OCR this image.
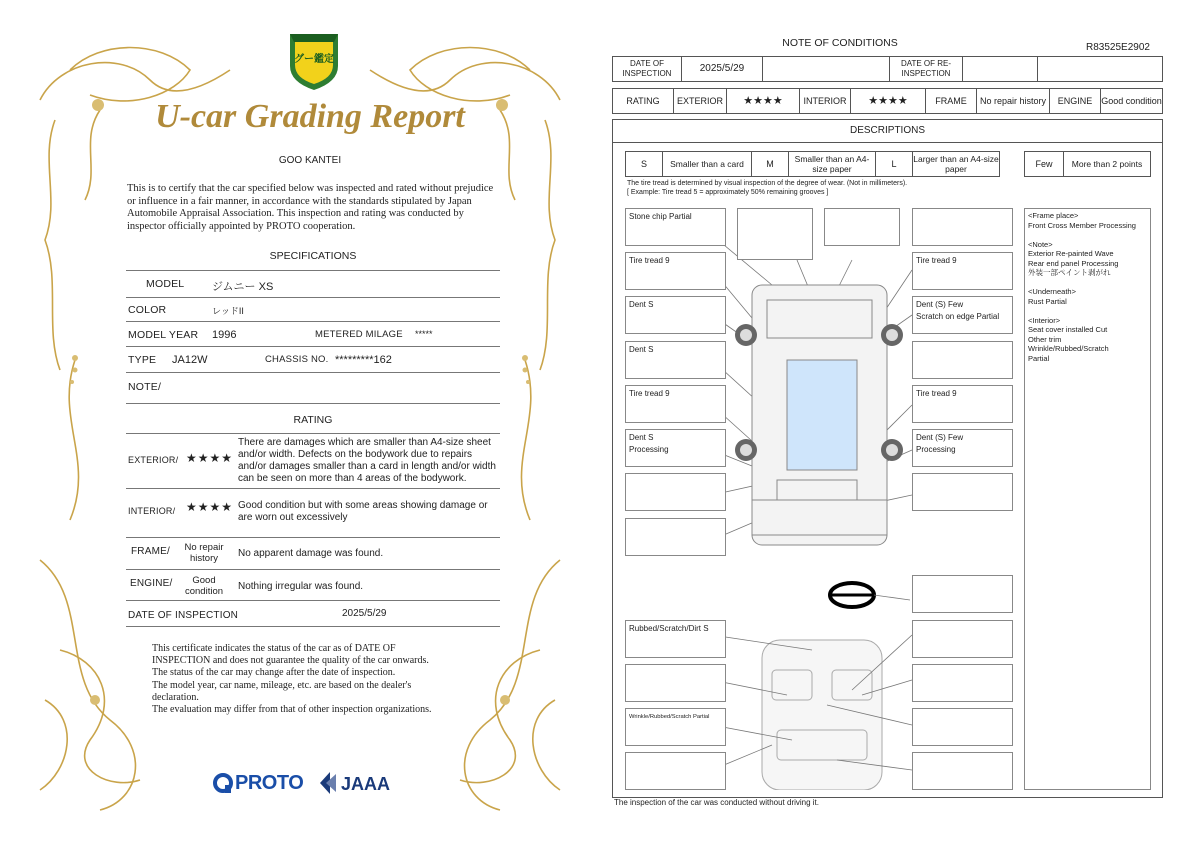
グー鑑定
U-car Grading Report
GOO KANTEI
This is to certify that the car specified below was inspected and rated without prejudice or influence in a fair manner, in accordance with the standards stipulated by Japan Automobile Appraisal Association. This inspection and rating was conducted by inspector officially appointed by PROTO cooperation.
SPECIFICATIONS
MODEL	ジムニー XS
COLOR	レッドII
MODEL YEAR 1996	METERED MILAGE *****
TYPE JA12W	CHASSIS NO. *********162
NOTE/
RATING
EXTERIOR/ ★★★★
There are damages which are smaller than A4-size sheet and/or width. Defects on the bodywork due to repairs and/or damages smaller than a card in length and/or width can be seen on more than 4 areas of the bodywork.
INTERIOR/ ★★★★ Good condition but with some areas showing damage or are worn out excessively
FRAME/	No repair history	No apparent damage was found.
ENGINE/	Good condition	Nothing irregular was found.
DATE OF INSPECTION	2025/5/29
This certificate indicates the status of the car as of DATE OF
INSPECTION and does not guarantee the quality of the car onwards.
The status of the car may change after the date of inspection.
The model year, car name, mileage, etc. are based on the dealer's
declaration.
The evaluation may differ from that of other inspection organizations.
PROTO JAAA
NOTE OF CONDITIONS	R83525E2902
DATE OF INSPECTION	2025/5/29	DATE OF RE-INSPECTION
RATING	EXTERIOR	★★★★	INTERIOR	★★★★	FRAME	No repair history	ENGINE Good condition
DESCRIPTIONS
S	Smaller than a card	M	Smaller than an A4-size paper	L	Larger than an A4-size paper	Few	More than 2 points
The tire tread is determined by visual inspection of the degree of wear. (Not in millimeters).
[ Example: Tire tread 5 = approximately 50% remaining grooves ]
Stone chip Partial
Tire tread 9
Dent S
Dent S
Tire tread 9
Dent S
Processing
Tire tread 9
Dent (S) Few
Scratch on edge Partial
Tire tread 9
Dent (S) Few
Processing
Rubbed/Scratch/Dirt S
Wrinkle/Rubbed/Scratch Partial
<Frame place>
Front Cross Member Processing
<Note>
Exterior Re-painted Wave
Rear end panel Processing
外装一部ペイント剥がれ
<Underneath>
Rust Partial
<Interior>
Seat cover installed Cut
Other trim
Wrinkle/Rubbed/Scratch
Partial
The inspection of the car was conducted without driving it.
